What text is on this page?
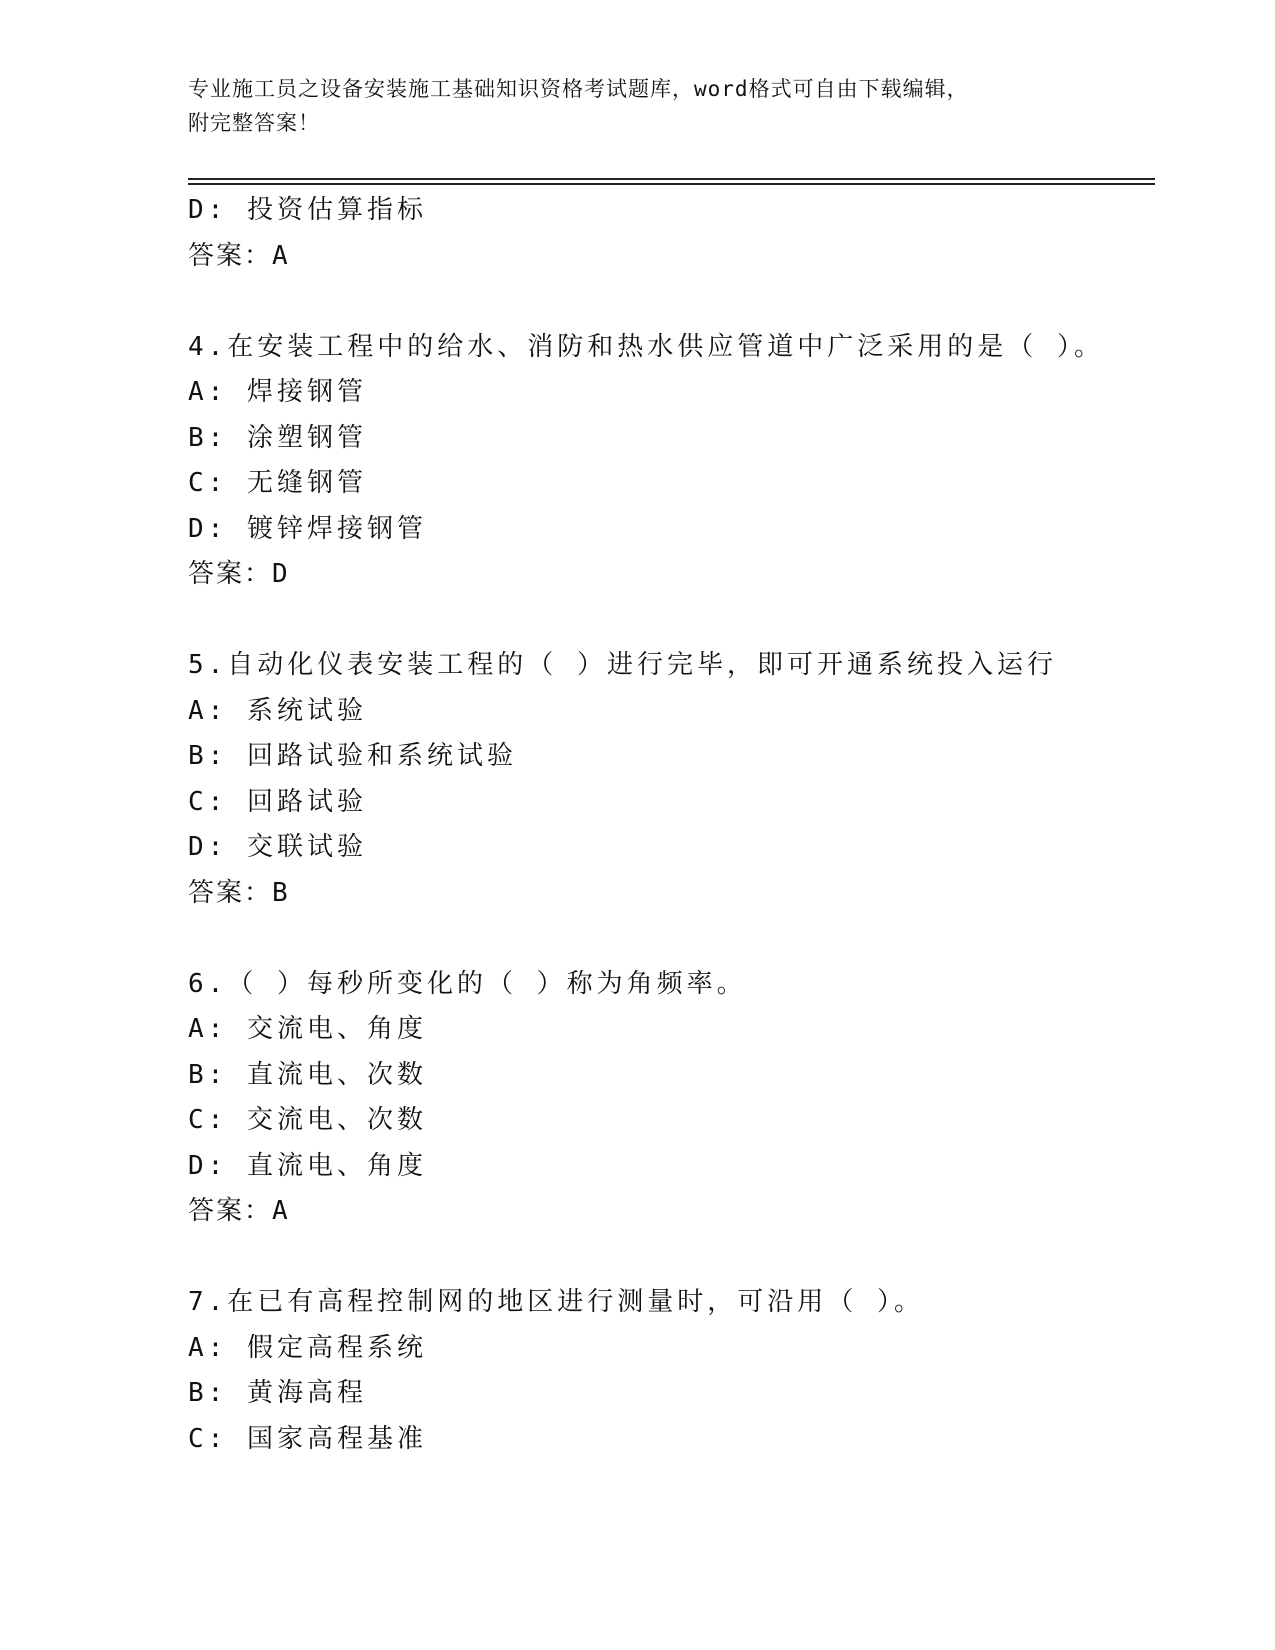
专业施工员之设备安装施工基础知识资格考试题库，word格式可自由下载编辑，
附完整答案！
D: 投资估算指标
答案：A
4.在安装工程中的给水、消防和热水供应管道中广泛采用的是（ ）。
A: 焊接钢管
B: 涂塑钢管
C: 无缝钢管
D: 镀锌焊接钢管
答案：D
5.自动化仪表安装工程的（ ）进行完毕，即可开通系统投入运行
A: 系统试验
B: 回路试验和系统试验
C: 回路试验
D: 交联试验
答案：B
6.（ ）每秒所变化的（ ）称为角频率。
A: 交流电、角度
B: 直流电、次数
C: 交流电、次数
D: 直流电、角度
答案：A
7.在已有高程控制网的地区进行测量时，可沿用（ ）。
A: 假定高程系统
B: 黄海高程
C: 国家高程基准
